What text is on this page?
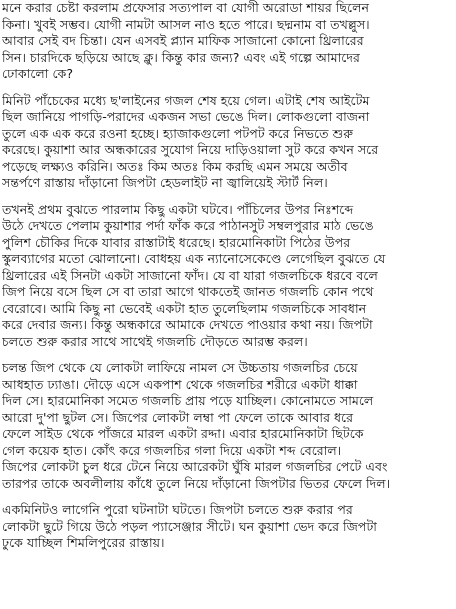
মনে করার চেষ্টা করলাম প্রফেসার সত্যপাল বা যোগী অরোডা শায়র ছিলেন
কিনা। খুবই সম্ভব। যোগী নামটা আসল নাও হতে পারে। ছদ্মনাম বা তখল্লুস।
আবার সেই বদ চিন্তা। যেন এসবই প্ল্যান মাফিক সাজানো কোনো থ্রিলারের
সিন। চারদিকে ছড়িয়ে আছে ক্লু। কিন্তু কার জন্য? এবং এই গল্পে আমাদের
ঢোকালো কে?
মিনিট পাঁচেকের মধ্যে ছ'লাইনের গজল শেষ হয়ে গেল। এটাই শেষ আইটেম
ছিল জানিয়ে পাগড়ি-পরাদের একজন সভা ভেঙে দিল। লোকগুলো বাজনা
তুলে এক এক করে রওনা হচ্ছে। হ্যাজাকগুলো পটপট করে নিভতে শুরু
করেছে। কুয়াশা আর অন্ধকারের সুযোগ নিয়ে দাড়িওয়ালা সুট করে কখন সরে
পড়েছে লক্ষ্যও করিনি। অতঃ কিম অতঃ কিম করছি এমন সময়ে অতীব
সন্তর্পণে রাস্তায় দাঁড়ানো জিপটা হেডলাইট না জ্বালিয়েই স্টার্ট নিল।
তখনই প্রথম বুঝতে পারলাম কিছু একটা ঘটবে। পাঁচিলের উপর নিঃশব্দে
উঠে দেখতে পেলাম কুয়াশার পর্দা ফাঁক করে পাঠানসুট সম্বলপুরার মাঠ ভেঙে
পুলিশ চৌকির দিকে যাবার রাস্তাটাই ধরেছে। হারমোনিকাটা পিঠের উপর
স্কুলব্যাগের মতো ঝোলানো। বোধহয় এক ন্যানোসেকেণ্ডে লেগেছিল বুঝতে যে
থ্রিলারের এই সিনটা একটা সাজানো ফাঁদ। যে বা যারা গজলচিকে ধরবে বলে
জিপ নিয়ে বসে ছিল সে বা তারা আগে থাকতেই জানত গজলচি কোন পথে
বেরোবে। আমি কিছু না ভেবেই একটা হাত তুলেছিলাম গজলচিকে সাবধান
করে দেবার জন্য। কিন্তু অন্ধকারে আমাকে দেখতে পাওয়ার কথা নয়। জিপটা
চলতে শুরু করার সাথে সাথেই গজলচি দৌড়তে আরম্ভ করল।
চলন্ত জিপ থেকে যে লোকটা লাফিয়ে নামল সে উচ্চতায় গজলচির চেয়ে
আধহাত ঢ্যাঙা। দৌড়ে এসে একপাশ থেকে গজলচির শরীরে একটা ধাক্কা
দিল সে। হারমোনিকা সমেত গজলচি প্রায় পড়ে যাচ্ছিল। কোনোমতে সামলে
আরো দু'পা ছুটল সে। জিপের লোকটা লম্বা পা ফেলে তাকে আবার ধরে
ফেলে সাইড থেকে পাঁজরে মারল একটা রদ্দা। এবার হারমোনিকাটা ছিটকে
গেল কয়েক হাত। কোঁৎ করে গজলচির গলা দিয়ে একটা শব্দ বেরোল।
জিপের লোকটা চুল ধরে টেনে নিয়ে আরেকটা ঘুঁষি মারল গজলচির পেটে এবং
তারপর তাকে অবলীলায় কাঁধে তুলে নিয়ে দাঁড়ানো জিপটার ভিতর ফেলে দিল।
একমিনিটও লাগেনি পুরো ঘটনাটা ঘটতে। জিপটা চলতে শুরু করার পর
লোকটা ছুটে গিয়ে উঠে পড়ল প্যাসেঞ্জার সীটে। ঘন কুয়াশা ভেদ করে জিপটা
ঢুকে যাচ্ছিল শিমলিপুরের রাস্তায়।
